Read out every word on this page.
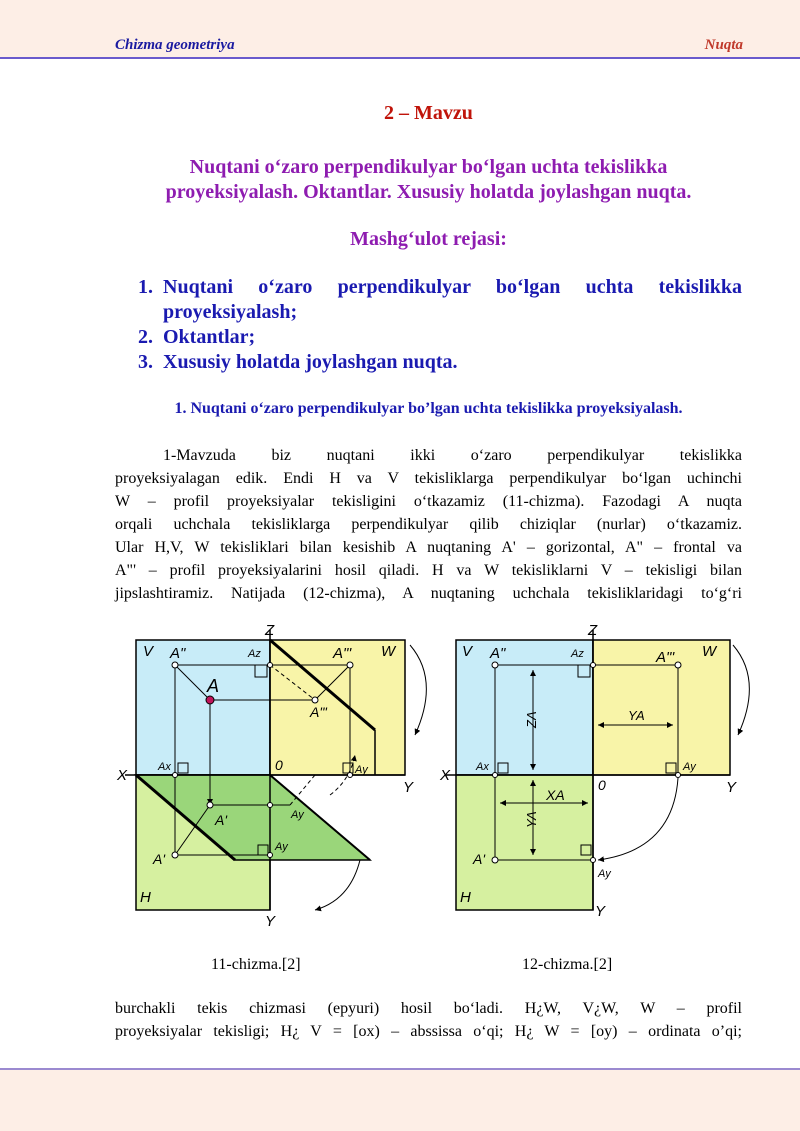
Chizma geometriya	Nuqta
2 – Mavzu
Nuqtani o‘zaro perpendikulyar bo‘lgan uchta tekislikka
proyeksiyalash. Oktantlar. Xususiy holatda joylashgan nuqta.
Mashg‘ulot rejasi:
1. Nuqtani o‘zaro perpendikulyar bo‘lgan uchta tekislikka
proyeksiyalash;
2. Oktantlar;
3. Xususiy holatda joylashgan nuqta.
1. Nuqtani o‘zaro perpendikulyar bo’lgan uchta tekislikka proyeksiyalash.
1-Mavzuda biz nuqtani ikki o‘zaro perpendikulyar tekislikka
proyeksiyalagan edik. Endi H va V tekisliklarga perpendikulyar bo‘lgan uchinchi
W – profil proyeksiyalar tekisligini o‘tkazamiz (11-chizma). Fazodagi A nuqta
orqali uchchala tekisliklarga perpendikulyar qilib chiziqlar (nurlar) o‘tkazamiz.
Ular H,V, W tekisliklari bilan kesishib A nuqtaning A' – gorizontal, A" – frontal va
A"' – profil proyeksiyalarini hosil qiladi. H va W tekisliklarni V – tekisligi bilan
jipslashtiramiz. Natijada (12-chizma), A nuqtaning uchchala tekisliklaridagi to‘g‘ri
V	W
H
X
Y
Y
Z
0
A
A"	A"'
A"'
A'
A'
Az
Ax	Ay
Ay
Ay
V	W
H
X
Y
Y
Z
0
A"	A"'
A'
Az
Ax	Ay
Ay
ZA	YA
XA
YA
11-chizma.[2]	12-chizma.[2]
burchakli tekis chizmasi (epyuri) hosil bo‘ladi. H¿W, V¿W, W – profil
proyeksiyalar tekisligi; H¿ V = [ox) – abssissa o‘qi; H¿ W = [oy) – ordinata o’qi;
